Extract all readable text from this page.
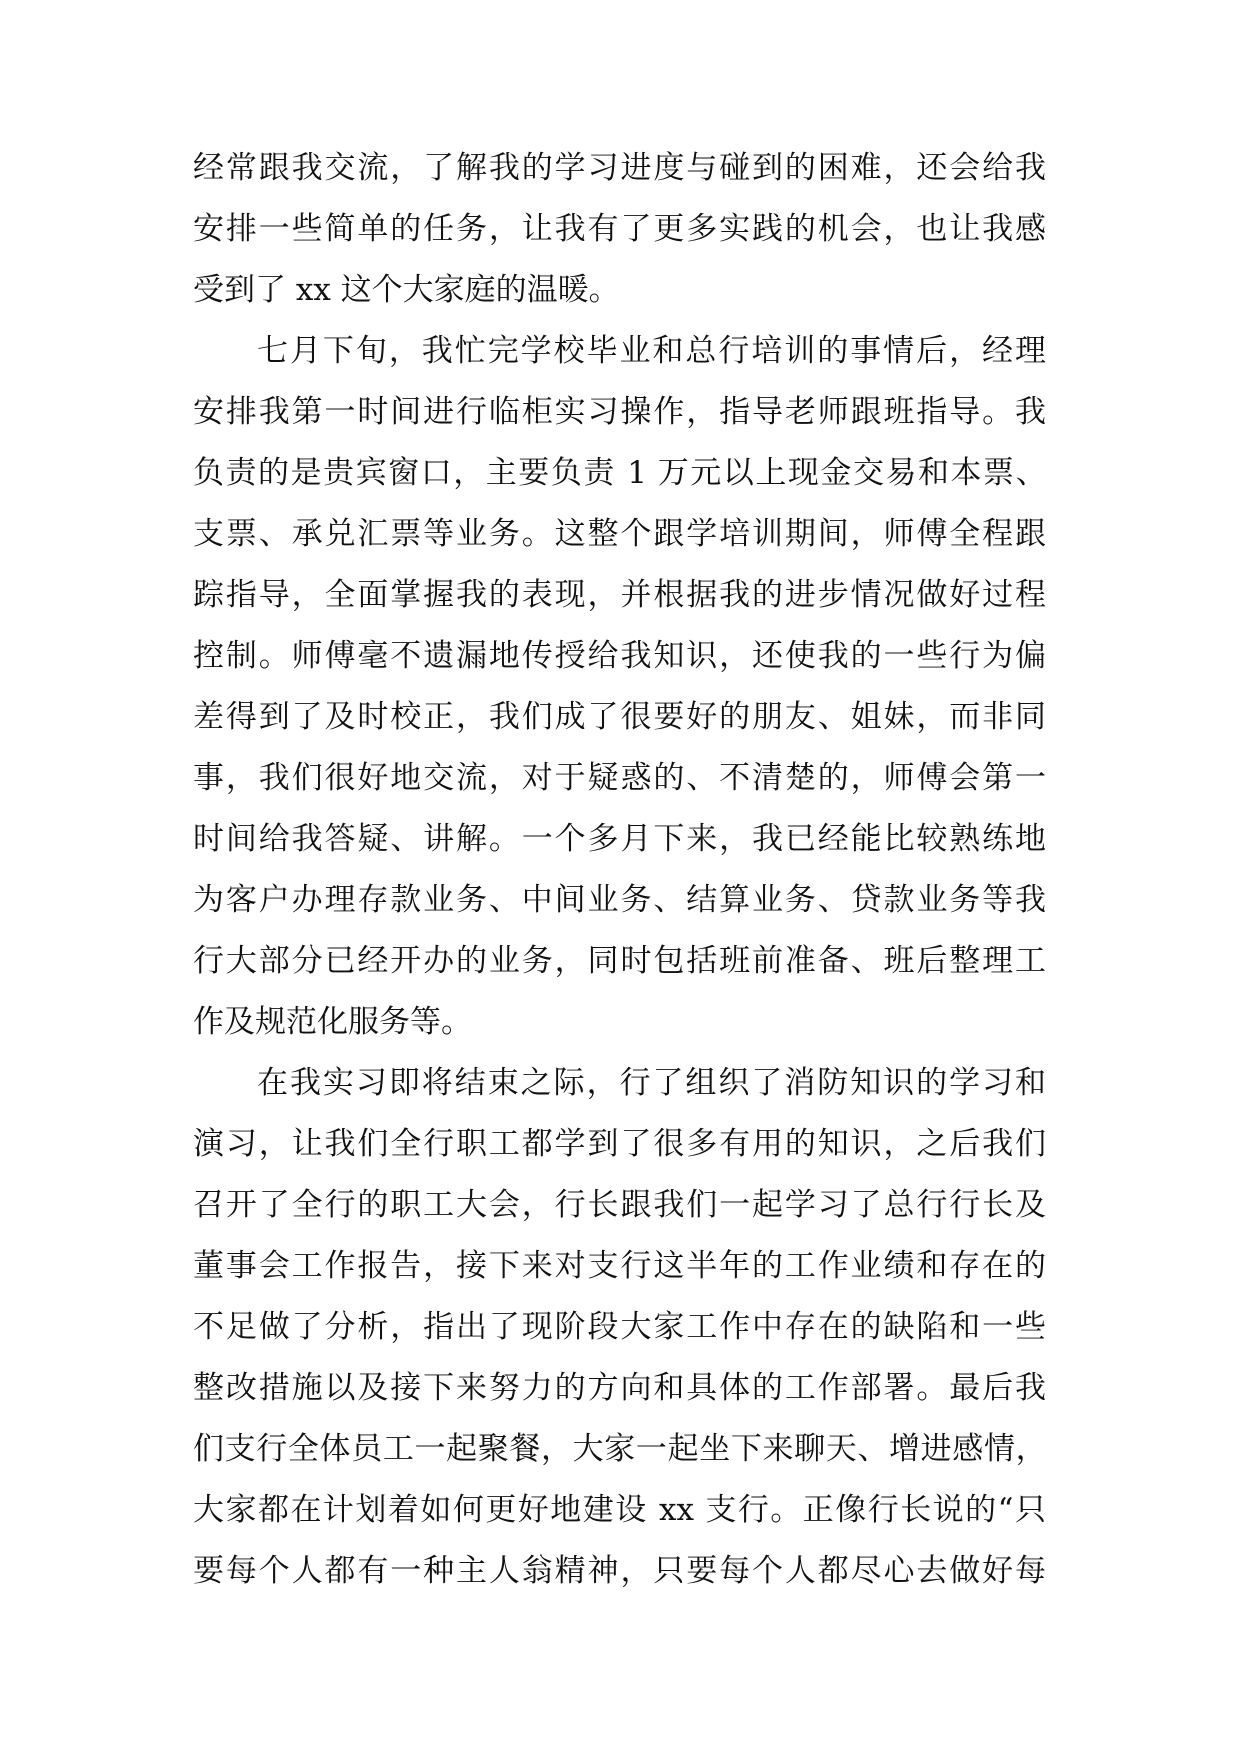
经常跟我交流，了解我的学习进度与碰到的困难，还会给我
安排一些简单的任务，让我有了更多实践的机会，也让我感
受到了 xx 这个大家庭的温暖。
七月下旬，我忙完学校毕业和总行培训的事情后，经理
安排我第一时间进行临柜实习操作，指导老师跟班指导。我
负责的是贵宾窗口，主要负责 1 万元以上现金交易和本票、
支票、承兑汇票等业务。这整个跟学培训期间，师傅全程跟
踪指导，全面掌握我的表现，并根据我的进步情况做好过程
控制。师傅毫不遗漏地传授给我知识，还使我的一些行为偏
差得到了及时校正，我们成了很要好的朋友、姐妹，而非同
事，我们很好地交流，对于疑惑的、不清楚的，师傅会第一
时间给我答疑、讲解。一个多月下来，我已经能比较熟练地
为客户办理存款业务、中间业务、结算业务、贷款业务等我
行大部分已经开办的业务，同时包括班前准备、班后整理工
作及规范化服务等。
在我实习即将结束之际，行了组织了消防知识的学习和
演习，让我们全行职工都学到了很多有用的知识，之后我们
召开了全行的职工大会，行长跟我们一起学习了总行行长及
董事会工作报告，接下来对支行这半年的工作业绩和存在的
不足做了分析，指出了现阶段大家工作中存在的缺陷和一些
整改措施以及接下来努力的方向和具体的工作部署。最后我
们支行全体员工一起聚餐，大家一起坐下来聊天、增进感情，
大家都在计划着如何更好地建设 xx 支行。正像行长说的“只
要每个人都有一种主人翁精神，只要每个人都尽心去做好每
